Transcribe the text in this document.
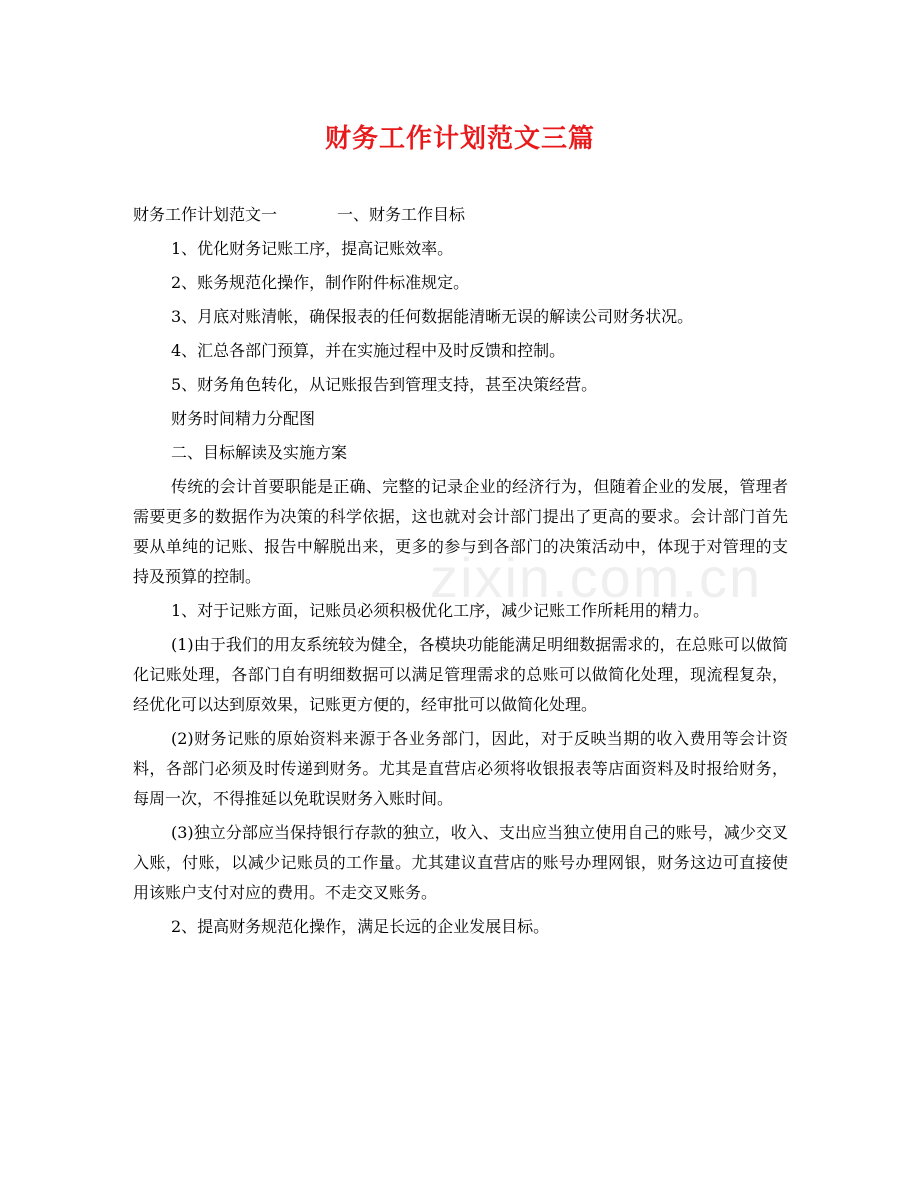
zixin.com.cn
财务工作计划范文三篇

财务工作计划范文一	一、财务工作目标

1、优化财务记账工序，提高记账效率。

2、账务规范化操作，制作附件标准规定。

3、月底对账清帐，确保报表的任何数据能清晰无误的解读公司财务状况。

4、汇总各部门预算，并在实施过程中及时反馈和控制。

5、财务角色转化，从记账报告到管理支持，甚至决策经营。

财务时间精力分配图

二、目标解读及实施方案

传统的会计首要职能是正确、完整的记录企业的经济行为，但随着企业的发展，管理者需要更多的数据作为决策的科学依据，这也就对会计部门提出了更高的要求。会计部门首先要从单纯的记账、报告中解脱出来，更多的参与到各部门的决策活动中，体现于对管理的支持及预算的控制。

1、对于记账方面，记账员必须积极优化工序，减少记账工作所耗用的精力。

(1)由于我们的用友系统较为健全，各模块功能能满足明细数据需求的，在总账可以做简化记账处理，各部门自有明细数据可以满足管理需求的总账可以做简化处理，现流程复杂，经优化可以达到原效果，记账更方便的，经审批可以做简化处理。

(2)财务记账的原始资料来源于各业务部门，因此，对于反映当期的收入费用等会计资料，各部门必须及时传递到财务。尤其是直营店必须将收银报表等店面资料及时报给财务，每周一次，不得推延以免耽误财务入账时间。

(3)独立分部应当保持银行存款的独立，收入、支出应当独立使用自己的账号，减少交叉入账，付账，以减少记账员的工作量。尤其建议直营店的账号办理网银，财务这边可直接使用该账户支付对应的费用。不走交叉账务。

2、提高财务规范化操作，满足长远的企业发展目标。
